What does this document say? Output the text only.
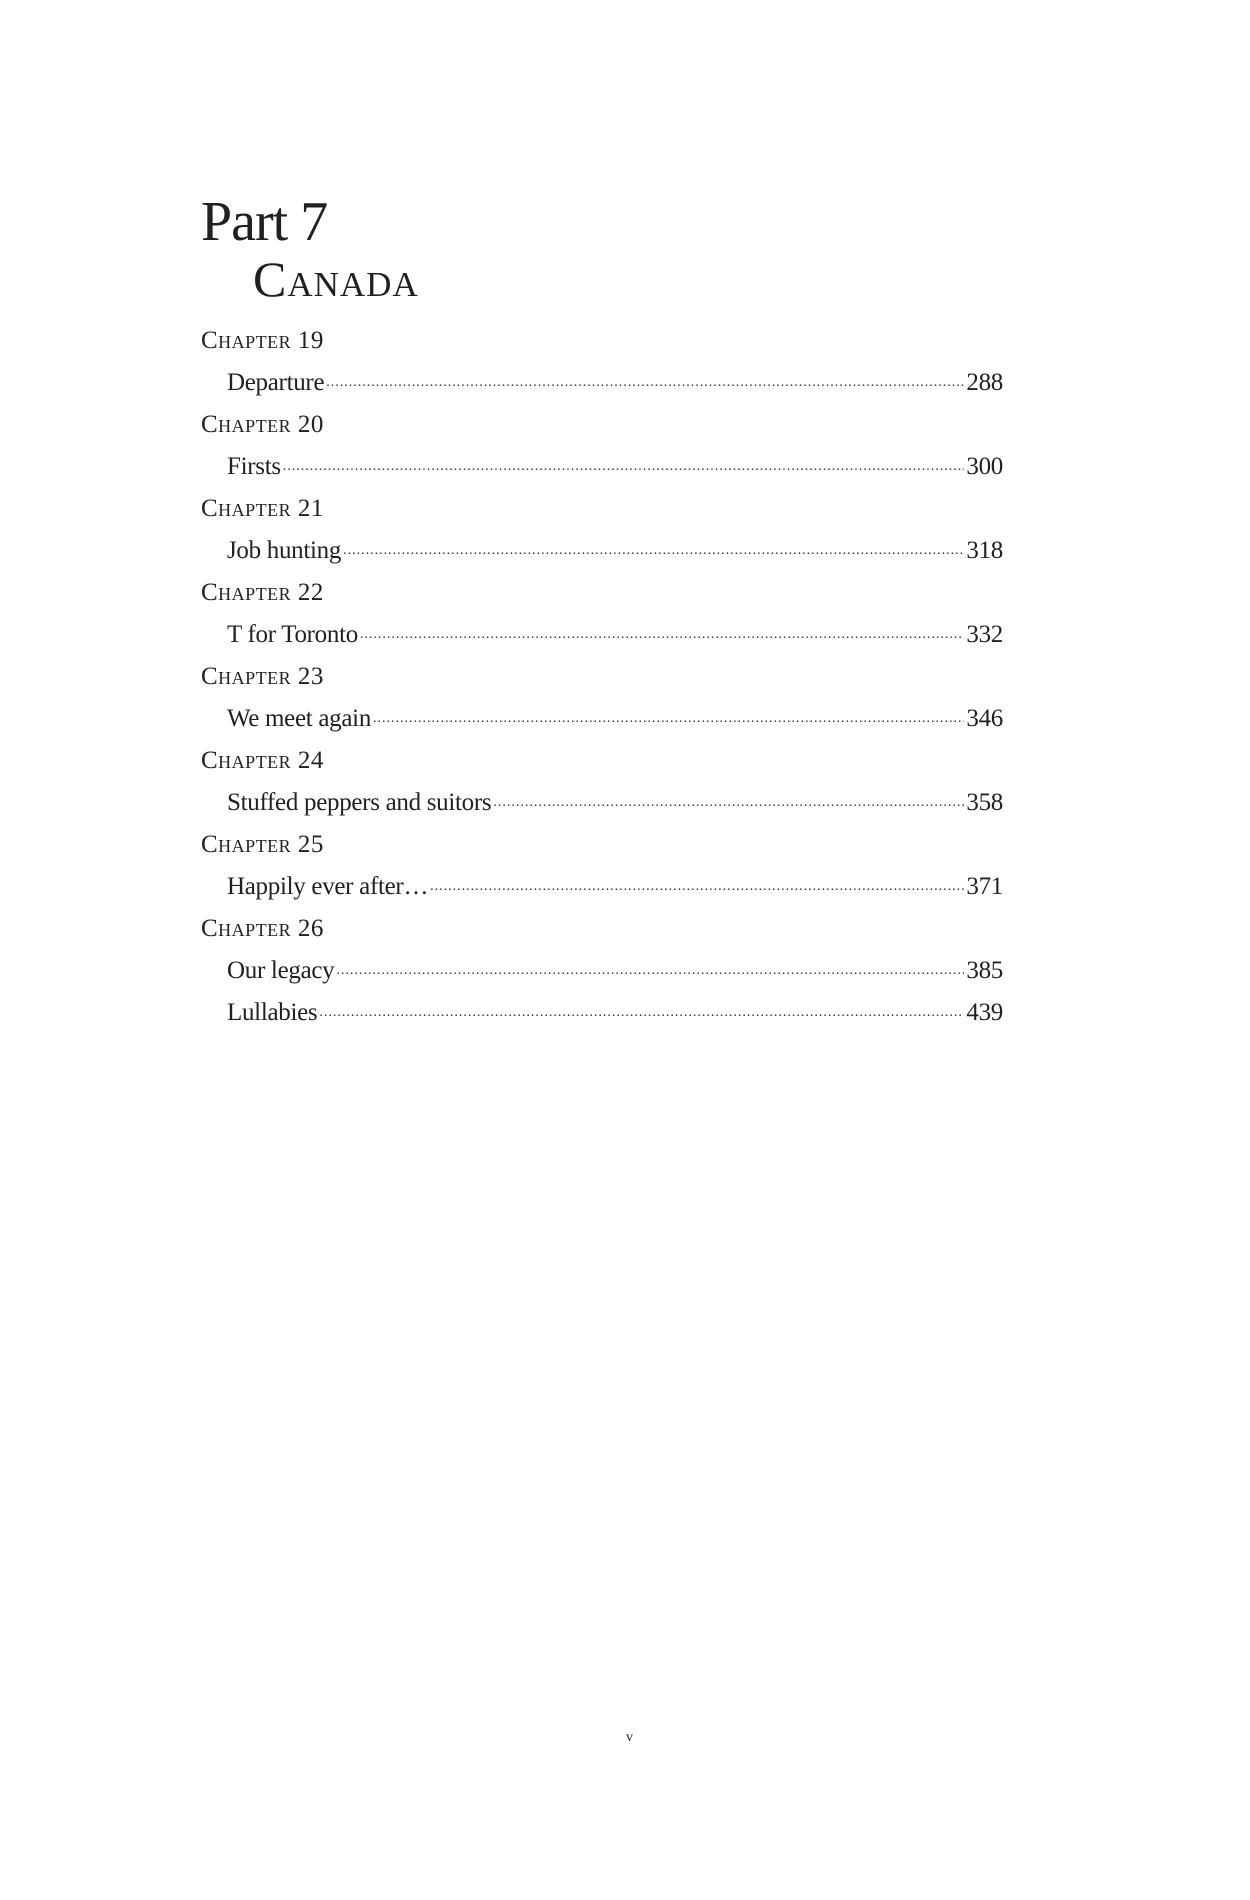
Part 7
Canada
Chapter 19
Departure .....	288
Chapter 20
Firsts .....	300
Chapter 21
Job hunting .....	318
Chapter 22
T for Toronto .....	332
Chapter 23
We meet again .....	346
Chapter 24
Stuffed peppers and suitors .....	358
Chapter 25
Happily ever after… .....	371
Chapter 26
Our legacy .....	385
Lullabies .....	439
v
